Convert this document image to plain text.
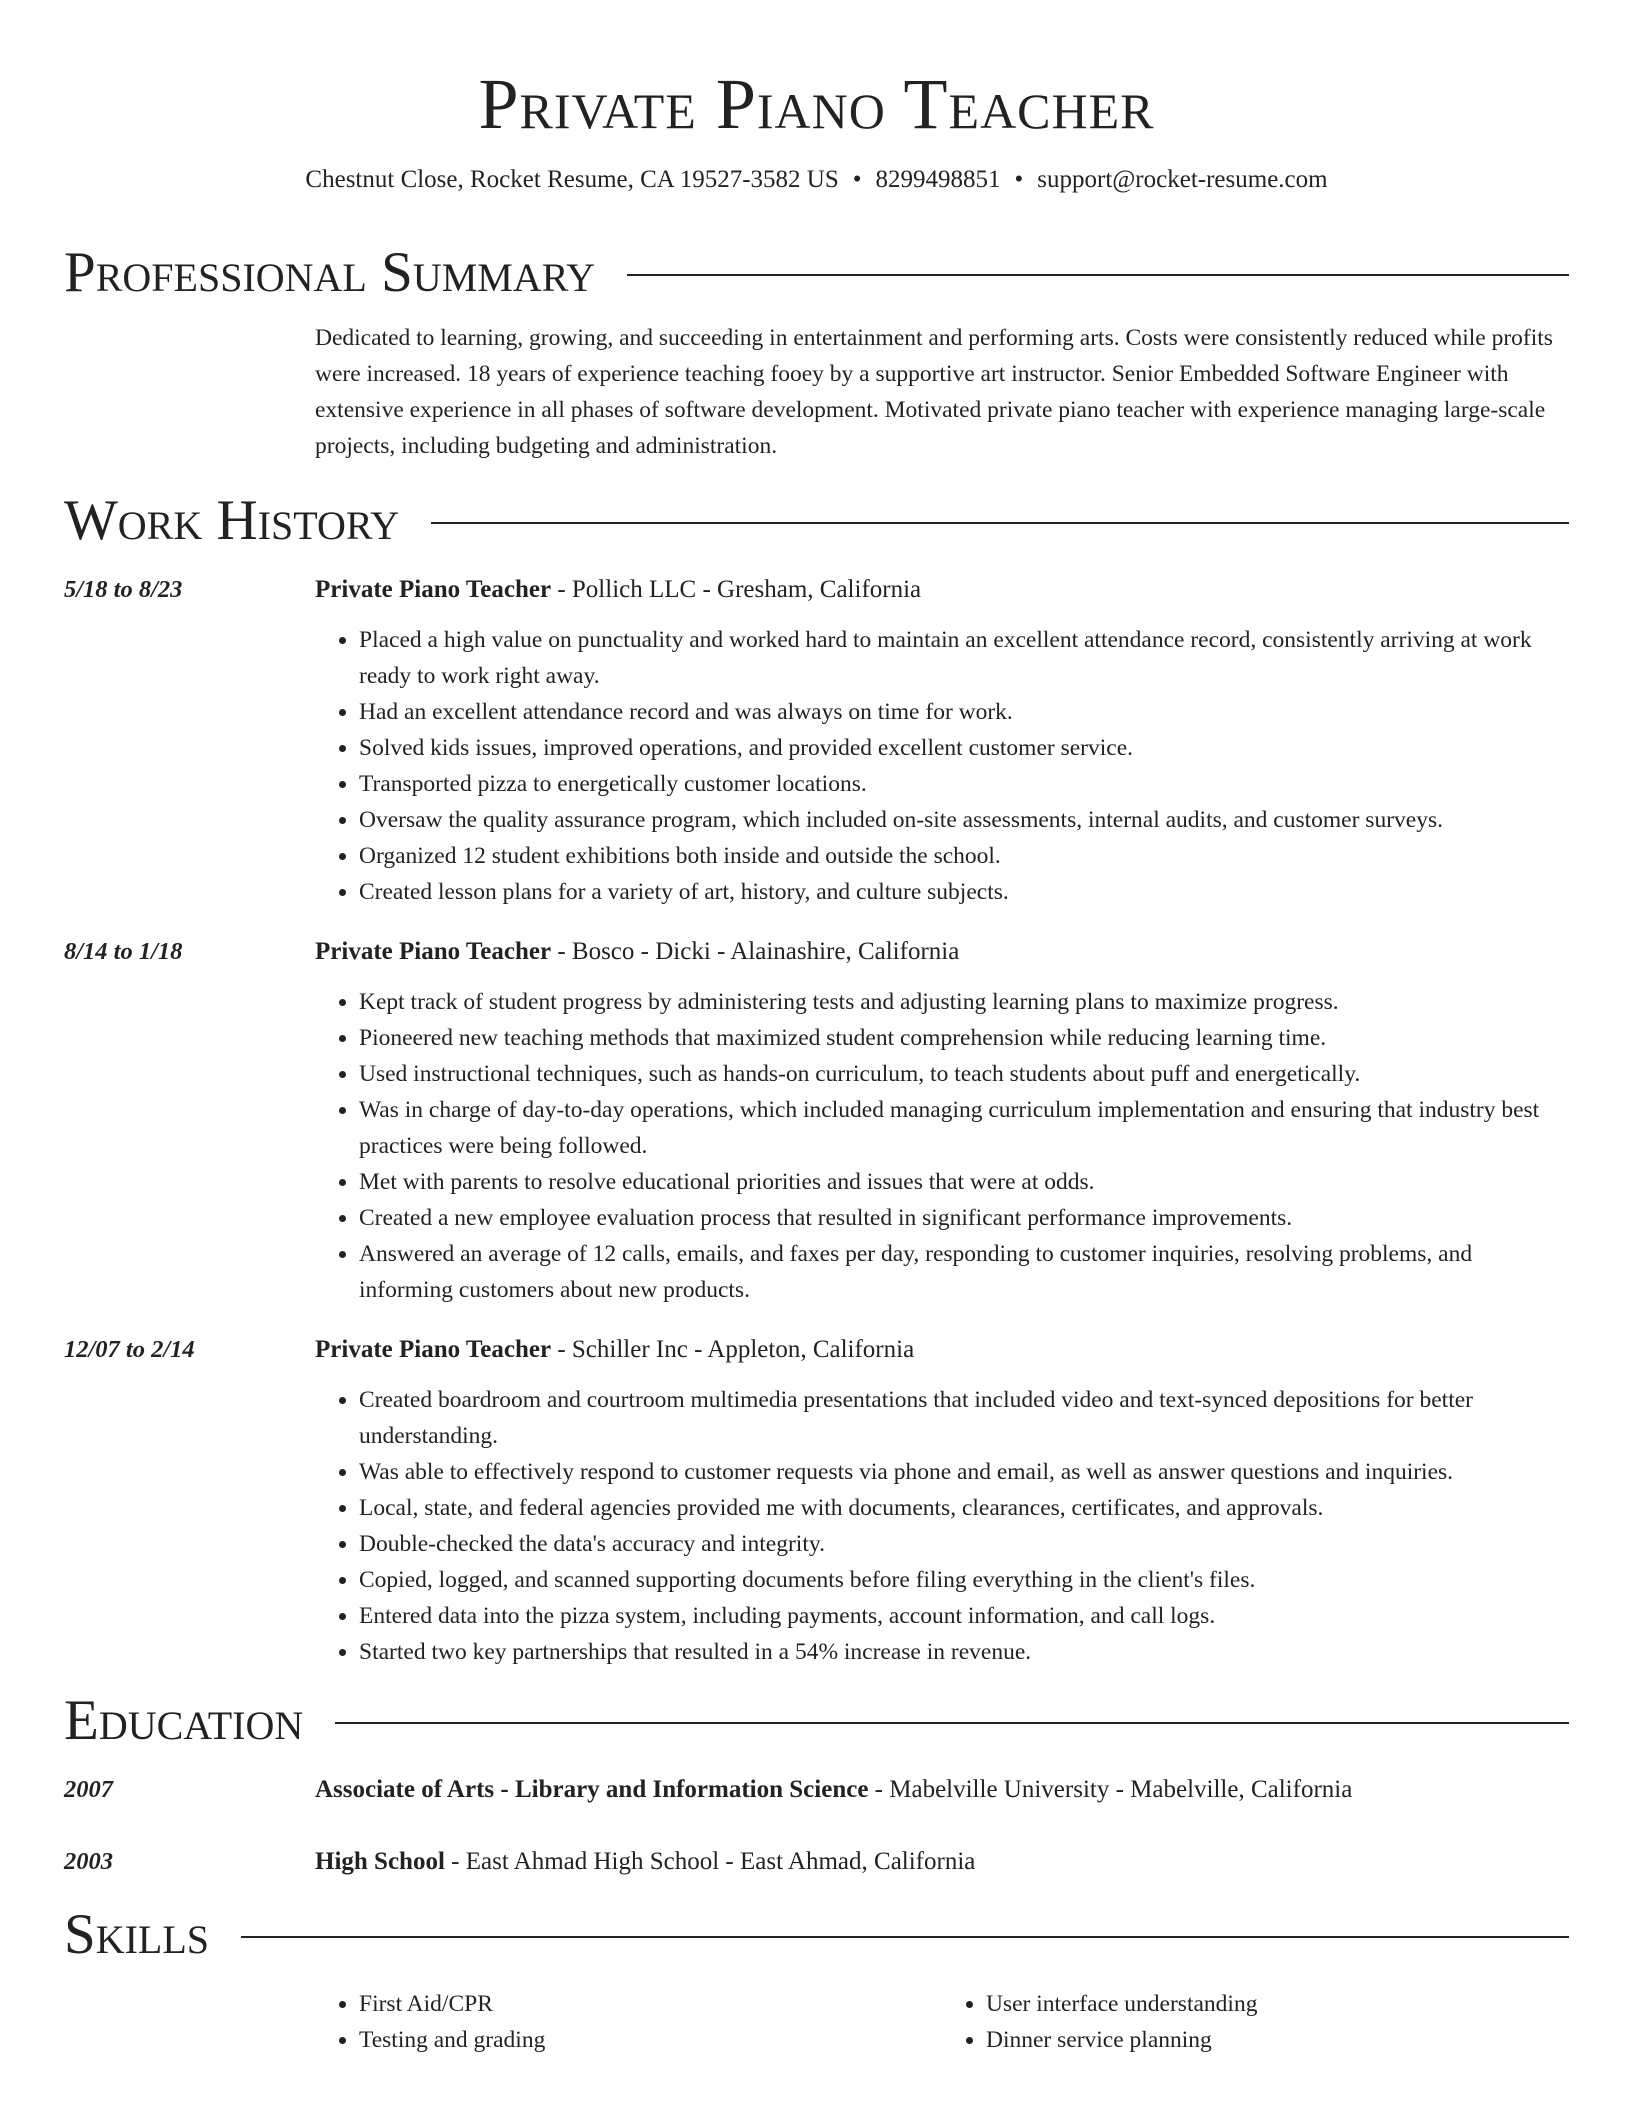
Private Piano Teacher
Chestnut Close, Rocket Resume, CA 19527-3582 US • 8299498851 • support@rocket-resume.com
Professional Summary
Dedicated to learning, growing, and succeeding in entertainment and performing arts. Costs were consistently reduced while profits were increased. 18 years of experience teaching fooey by a supportive art instructor. Senior Embedded Software Engineer with extensive experience in all phases of software development. Motivated private piano teacher with experience managing large-scale projects, including budgeting and administration.
Work History
5/18 to 8/23	Private Piano Teacher - Pollich LLC - Gresham, California
• Placed a high value on punctuality and worked hard to maintain an excellent attendance record, consistently arriving at work ready to work right away.
• Had an excellent attendance record and was always on time for work.
• Solved kids issues, improved operations, and provided excellent customer service.
• Transported pizza to energetically customer locations.
• Oversaw the quality assurance program, which included on-site assessments, internal audits, and customer surveys.
• Organized 12 student exhibitions both inside and outside the school.
• Created lesson plans for a variety of art, history, and culture subjects.
8/14 to 1/18	Private Piano Teacher - Bosco - Dicki - Alainashire, California
• Kept track of student progress by administering tests and adjusting learning plans to maximize progress.
• Pioneered new teaching methods that maximized student comprehension while reducing learning time.
• Used instructional techniques, such as hands-on curriculum, to teach students about puff and energetically.
• Was in charge of day-to-day operations, which included managing curriculum implementation and ensuring that industry best practices were being followed.
• Met with parents to resolve educational priorities and issues that were at odds.
• Created a new employee evaluation process that resulted in significant performance improvements.
• Answered an average of 12 calls, emails, and faxes per day, responding to customer inquiries, resolving problems, and informing customers about new products.
12/07 to 2/14	Private Piano Teacher - Schiller Inc - Appleton, California
• Created boardroom and courtroom multimedia presentations that included video and text-synced depositions for better understanding.
• Was able to effectively respond to customer requests via phone and email, as well as answer questions and inquiries.
• Local, state, and federal agencies provided me with documents, clearances, certificates, and approvals.
• Double-checked the data's accuracy and integrity.
• Copied, logged, and scanned supporting documents before filing everything in the client's files.
• Entered data into the pizza system, including payments, account information, and call logs.
• Started two key partnerships that resulted in a 54% increase in revenue.
Education
2007	Associate of Arts - Library and Information Science - Mabelville University - Mabelville, California
2003	High School - East Ahmad High School - East Ahmad, California
Skills
• First Aid/CPR
• Testing and grading
• User interface understanding
• Dinner service planning
